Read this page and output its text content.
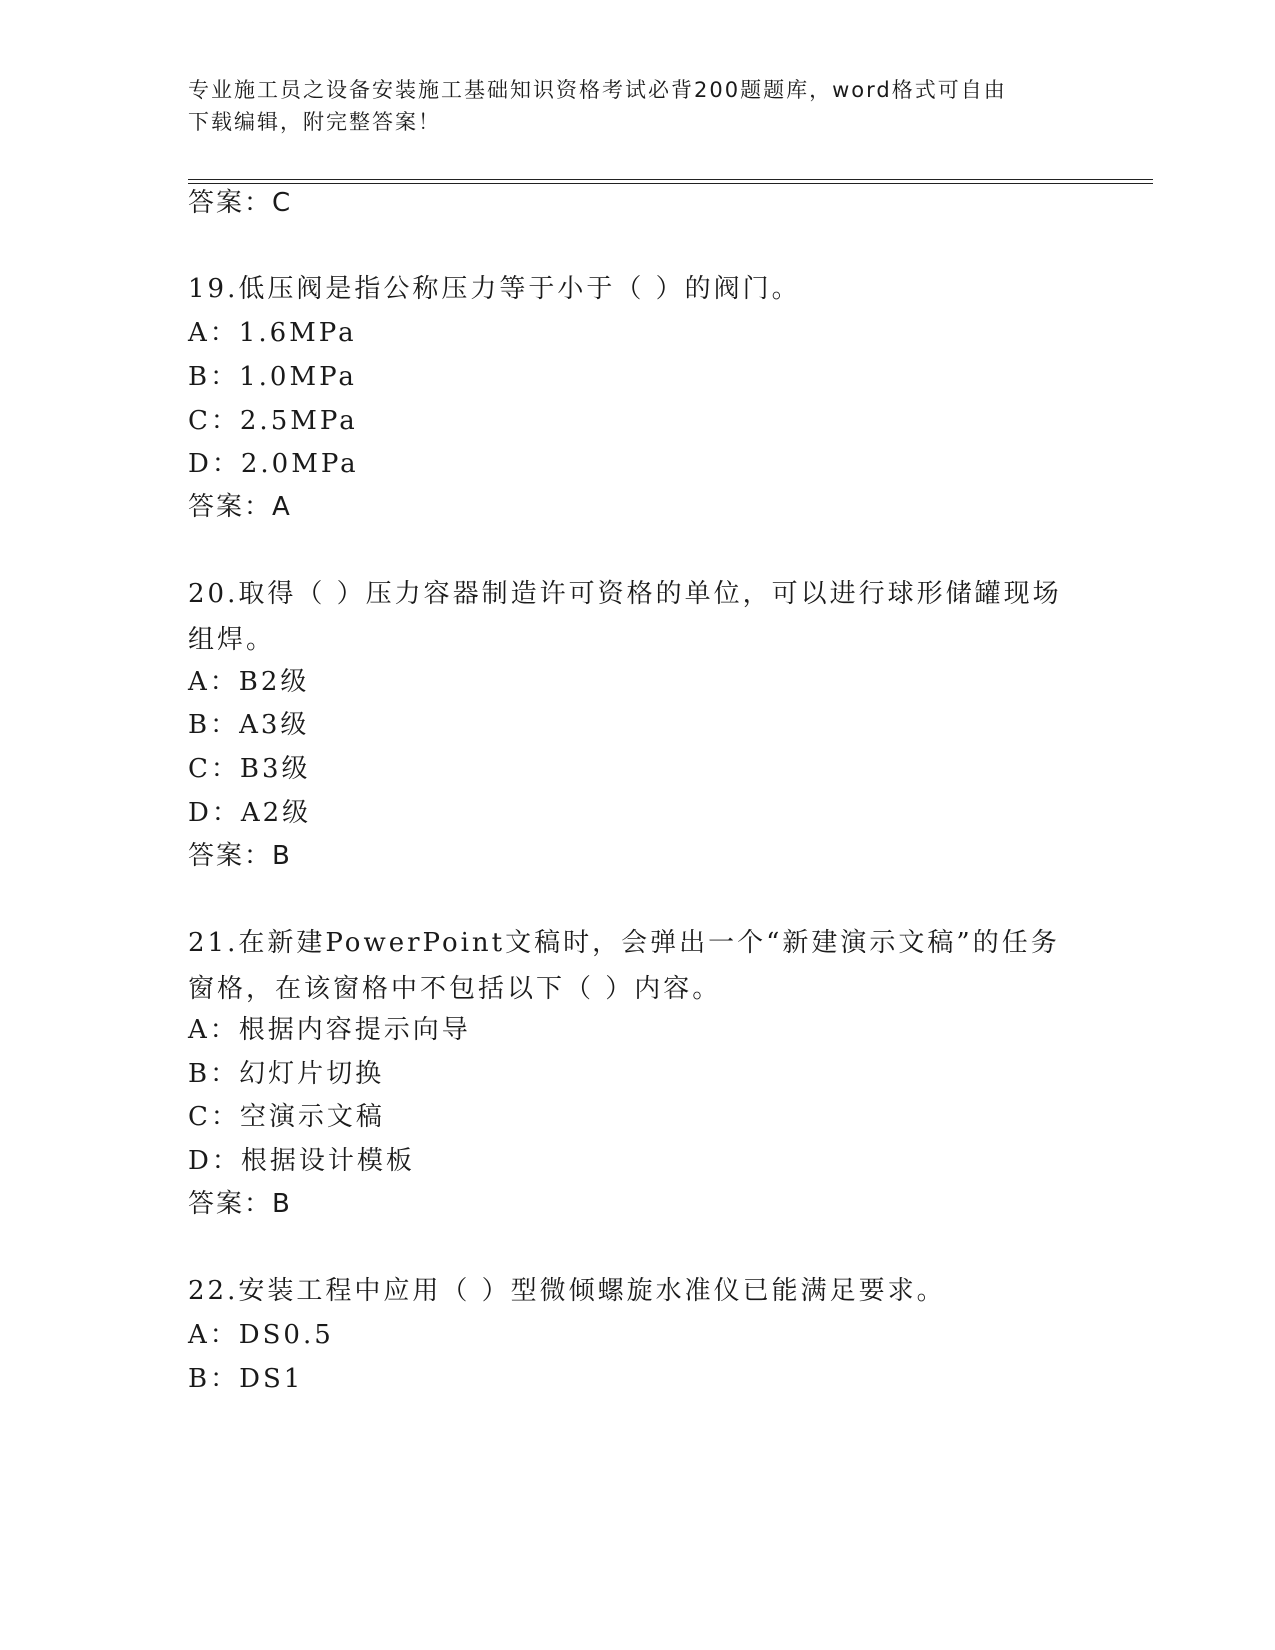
专业施工员之设备安装施工基础知识资格考试必背200题题库，word格式可自由
下载编辑，附完整答案！
答案：C
19.低压阀是指公称压力等于小于（ ）的阀门。
A：1.6MPa
B：1.0MPa
C：2.5MPa
D：2.0MPa
答案：A
20.取得（ ）压力容器制造许可资格的单位，可以进行球形储罐现场组焊。
A：B2级
B：A3级
C：B3级
D：A2级
答案：B
21.在新建PowerPoint文稿时，会弹出一个“新建演示文稿”的任务窗格，在该窗格中不包括以下（ ）内容。
A：根据内容提示向导
B：幻灯片切换
C：空演示文稿
D：根据设计模板
答案：B
22.安装工程中应用（ ）型微倾螺旋水准仪已能满足要求。
A：DS0.5
B：DS1
